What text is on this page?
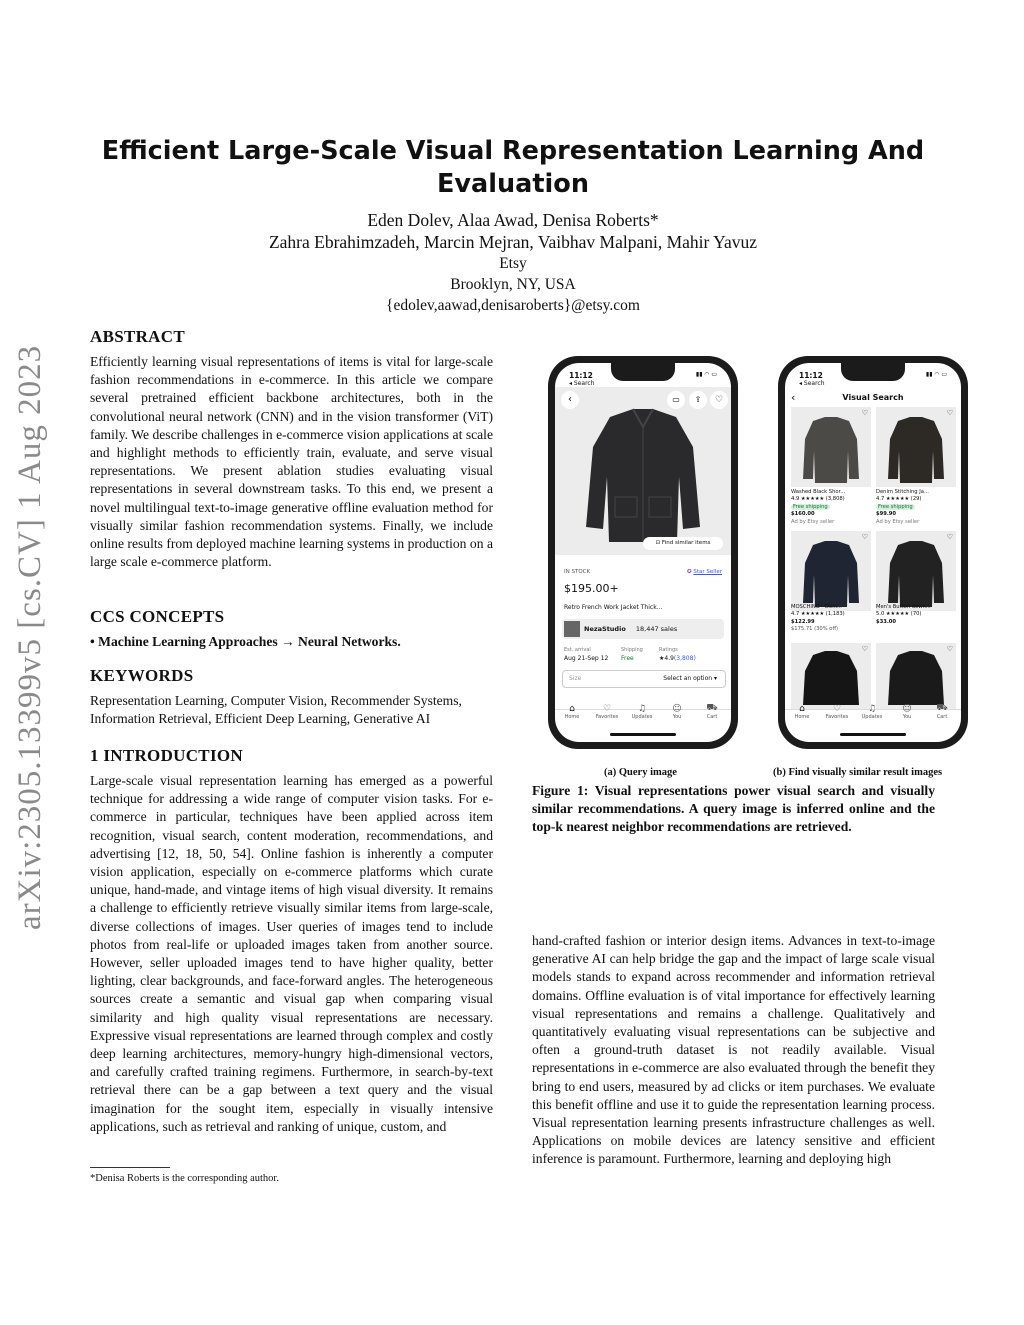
arXiv:2305.13399v5 [cs.CV] 1 Aug 2023
Efficient Large-Scale Visual Representation Learning And
Evaluation
Eden Dolev, Alaa Awad, Denisa Roberts*
Zahra Ebrahimzadeh, Marcin Mejran, Vaibhav Malpani, Mahir Yavuz
Etsy
Brooklyn, NY, USA
{edolev,aawad,denisaroberts}@etsy.com
ABSTRACT

Efficiently learning visual representations of items is vital for large-scale fashion recommendations in e-commerce. In this article we compare several pretrained efficient backbone architectures, both in the convolutional neural network (CNN) and in the vision transformer (ViT) family. We describe challenges in e-commerce vision applications at scale and highlight methods to efficiently train, evaluate, and serve visual representations. We present ablation studies evaluating visual representations in several downstream tasks. To this end, we present a novel multilingual text-to-image generative offline evaluation method for visually similar fashion recommendation systems. Finally, we include online results from deployed machine learning systems in production on a large scale e-commerce platform.

CCS CONCEPTS

• Machine Learning Approaches → Neural Networks.

KEYWORDS

Representation Learning, Computer Vision, Recommender Systems, Information Retrieval, Efficient Deep Learning, Generative AI

1 INTRODUCTION

Large-scale visual representation learning has emerged as a powerful technique for addressing a wide range of computer vision tasks. For e-commerce in particular, techniques have been applied across item recognition, visual search, content moderation, recommendations, and advertising [12, 18, 50, 54]. Online fashion is inherently a computer vision application, especially on e-commerce platforms which curate unique, hand-made, and vintage items of high visual diversity. It remains a challenge to efficiently retrieve visually similar items from large-scale, diverse collections of images. User queries of images tend to include photos from real-life or uploaded images taken from another source. However, seller uploaded images tend to have higher quality, better lighting, clear backgrounds, and face-forward angles. The heterogeneous sources create a semantic and visual gap when comparing visual similarity and high quality visual representations are necessary. Expressive visual representations are learned through complex and costly deep learning architectures, memory-hungry high-dimensional vectors, and carefully crafted training regimens. Furthermore, in search-by-text retrieval there can be a gap between a text query and the visual imagination for the sought item, especially in visually intensive applications, such as retrieval and ranking of unique, custom, and

*Denisa Roberts is the corresponding author.
11:12
◂ Search
▮▮ ◠ ▭
‹	▭	⇪	♡
⊡ Find similar items
IN STOCK	✪ Star Seller
$195.00+
Retro French Work Jacket Thick...
NezaStudio 18,447 sales
Est. arrival
Aug 21-Sep 12
Shipping
Free
Ratings
★4.9(3,808)
Size	Select an option ▾
⌂
Home
♡
Favorites
♫
Updates
☺
You
⛟
Cart
11:12
◂ Search
▮▮ ◠ ▭
‹	Visual Search
♡	♡
Washed Black Shor...
4.9 ★★★★★ (3,808)
Free shipping
$160.00
Ad by Etsy seller
Denim Stitching Ja...
4.7 ★★★★★ (29)
Free shipping
$99.90
Ad by Etsy seller
♡	♡
MOSCHINO - Deni...
4.7 ★★★★★ (1,183)
$122.99
$175.71 (30% off)
Men's Button down...
5.0 ★★★★★ (70)
$33.00
♡	♡
⌂
Home
♡
Favorites
♫
Updates
☺
You
⛟
Cart
(a) Query image	(b) Find visually similar result images
Figure 1: Visual representations power visual search and visually similar recommendations. A query image is inferred online and the top-k nearest neighbor recommendations are retrieved.

hand-crafted fashion or interior design items. Advances in text-to-image generative AI can help bridge the gap and the impact of large scale visual models stands to expand across recommender and information retrieval domains. Offline evaluation is of vital importance for effectively learning visual representations and remains a challenge. Qualitatively and quantitatively evaluating visual representations can be subjective and often a ground-truth dataset is not readily available. Visual representations in e-commerce are also evaluated through the benefit they bring to end users, measured by ad clicks or item purchases. We evaluate this benefit offline and use it to guide the representation learning process. Visual representation learning presents infrastructure challenges as well. Applications on mobile devices are latency sensitive and efficient inference is paramount. Furthermore, learning and deploying high
